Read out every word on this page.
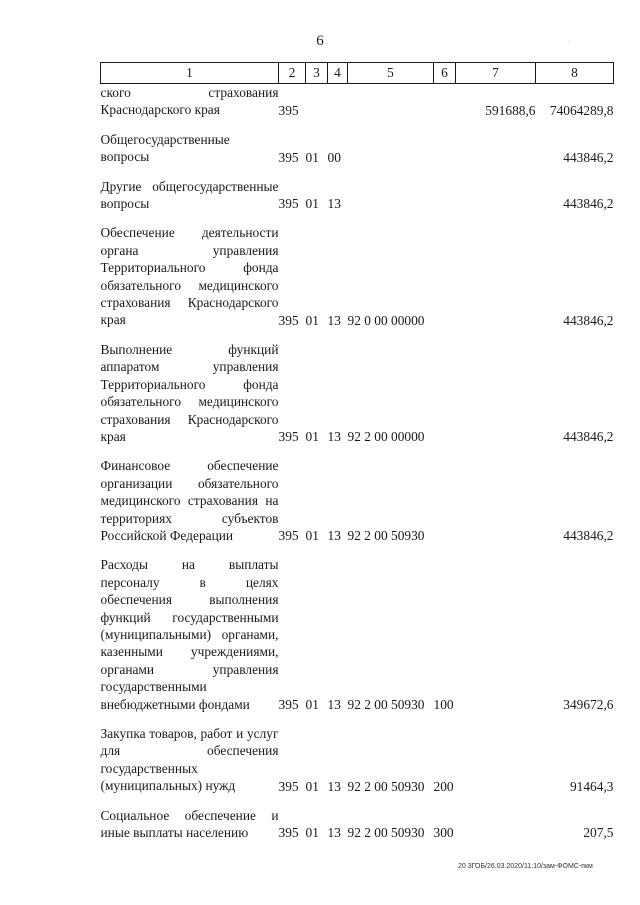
6	·
1	2	3	4	5	6	7	8
ского страхования Краснодарского края	395					591688,6	74064289,8

Общегосударственные вопросы	395	01	00				443846,2

Другие общегосударственные вопросы	395	01	13				443846,2

Обеспечение деятельности органа управления Территориального фонда обязательного медицинского страхования Краснодарского края	395	01	13	92 0 00 00000			443846,2

Выполнение функций аппаратом управления Территориального фонда обязательного медицинского страхования Краснодарского края	395	01	13	92 2 00 00000			443846,2

Финансовое обеспечение организации обязательного медицинского страхования на территориях субъектов Российской Федерации	395	01	13	92 2 00 50930			443846,2

Расходы на выплаты персоналу в целях обеспечения выполнения функций государственными (муниципальными) органами, казенными учреждениями, органами управления государственными внебюджетными фондами	395	01	13	92 2 00 50930	100		349672,6

Закупка товаров, работ и услуг для обеспечения государственных (муниципальных) нужд	395	01	13	92 2 00 50930	200		91464,3

Социальное обеспечение и иные выплаты населению	395	01	13	92 2 00 50930	300		207,5
20 3ГОБ/26.03.2020/11:10/зам-ФОМС-пкм
